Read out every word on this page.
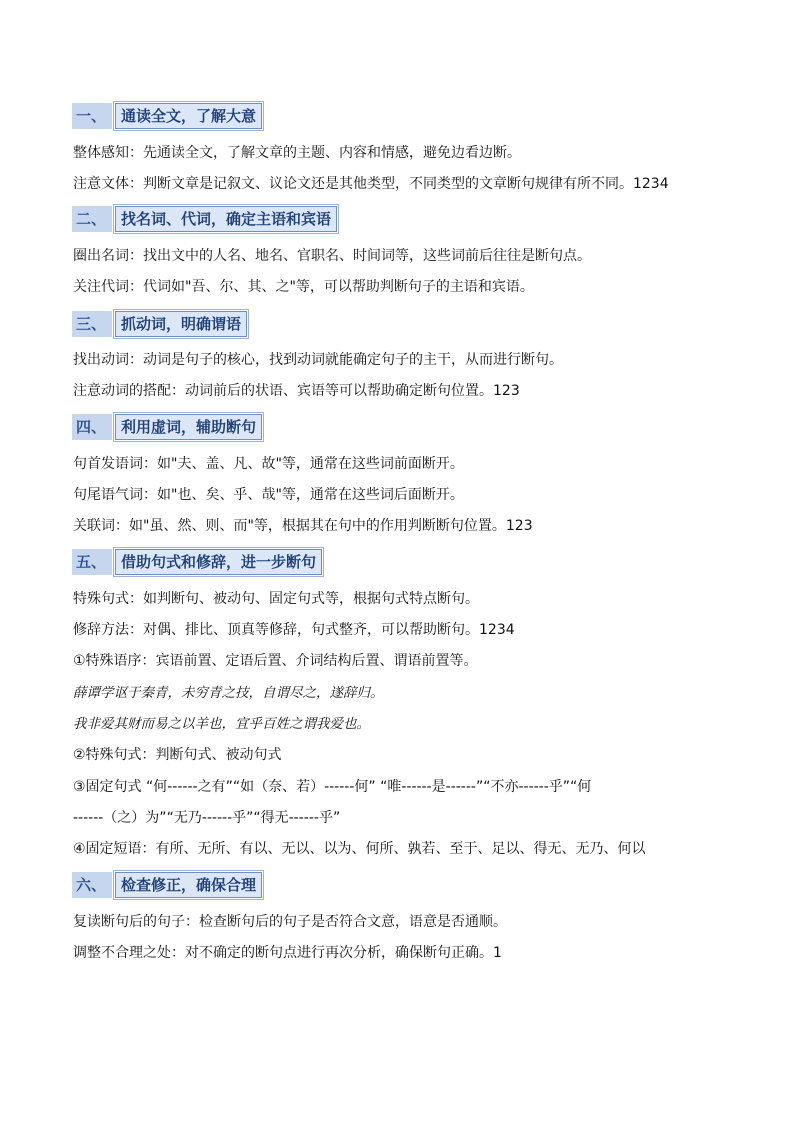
一、	通读全文，了解大意
整体感知：先通读全文，了解文章的主题、内容和情感，避免边看边断。
注意文体：判断文章是记叙文、议论文还是其他类型，不同类型的文章断句规律有所不同。1234
二、	找名词、代词，确定主语和宾语
圈出名词：找出文中的人名、地名、官职名、时间词等，这些词前后往往是断句点。
关注代词：代词如"吾、尔、其、之"等，可以帮助判断句子的主语和宾语。
三、	抓动词，明确谓语
找出动词：动词是句子的核心，找到动词就能确定句子的主干，从而进行断句。
注意动词的搭配：动词前后的状语、宾语等可以帮助确定断句位置。123
四、	利用虚词，辅助断句
句首发语词：如"夫、盖、凡、故"等，通常在这些词前面断开。
句尾语气词：如"也、矣、乎、哉"等，通常在这些词后面断开。
关联词：如"虽、然、则、而"等，根据其在句中的作用判断断句位置。123
五、	借助句式和修辞，进一步断句
特殊句式：如判断句、被动句、固定句式等，根据句式特点断句。
修辞方法：对偶、排比、顶真等修辞，句式整齐，可以帮助断句。1234
①特殊语序：宾语前置、定语后置、介词结构后置、谓语前置等。
薛谭学讴于秦青，未穷青之技，自谓尽之，遂辞归。
我非爱其财而易之以羊也，宜乎百姓之谓我爱也。
②特殊句式：判断句式、被动句式
③固定句式 “何------之有”“如（奈、若）------何” “唯------是------”“不亦------乎”“何
------（之）为”“无乃------乎”“得无------乎”
④固定短语：有所、无所、有以、无以、以为、何所、孰若、至于、足以、得无、无乃、何以
六、	检查修正，确保合理
复读断句后的句子：检查断句后的句子是否符合文意，语意是否通顺。
调整不合理之处：对不确定的断句点进行再次分析，确保断句正确。1
